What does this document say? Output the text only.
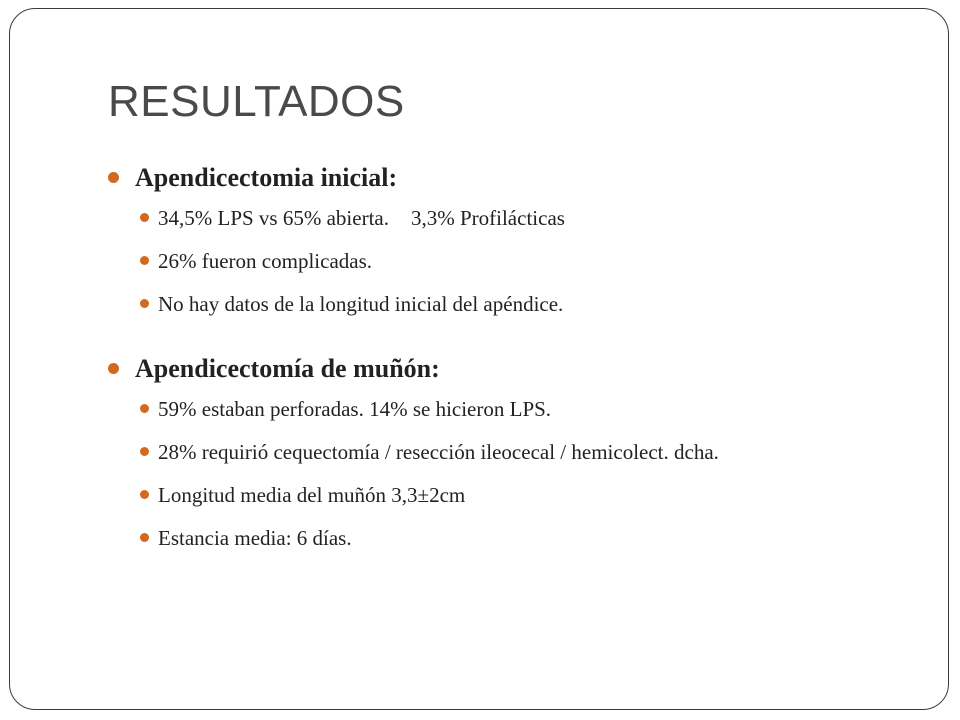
RESULTADOS
Apendicectomia inicial:
34,5% LPS vs 65% abierta. 3,3% Profilácticas
26% fueron complicadas.
No hay datos de la longitud inicial del apéndice.
Apendicectomía de muñón:
59% estaban perforadas. 14% se hicieron LPS.
28% requirió cequectomía / resección ileocecal / hemicolect. dcha.
Longitud media del muñón 3,3±2cm
Estancia media: 6 días.
